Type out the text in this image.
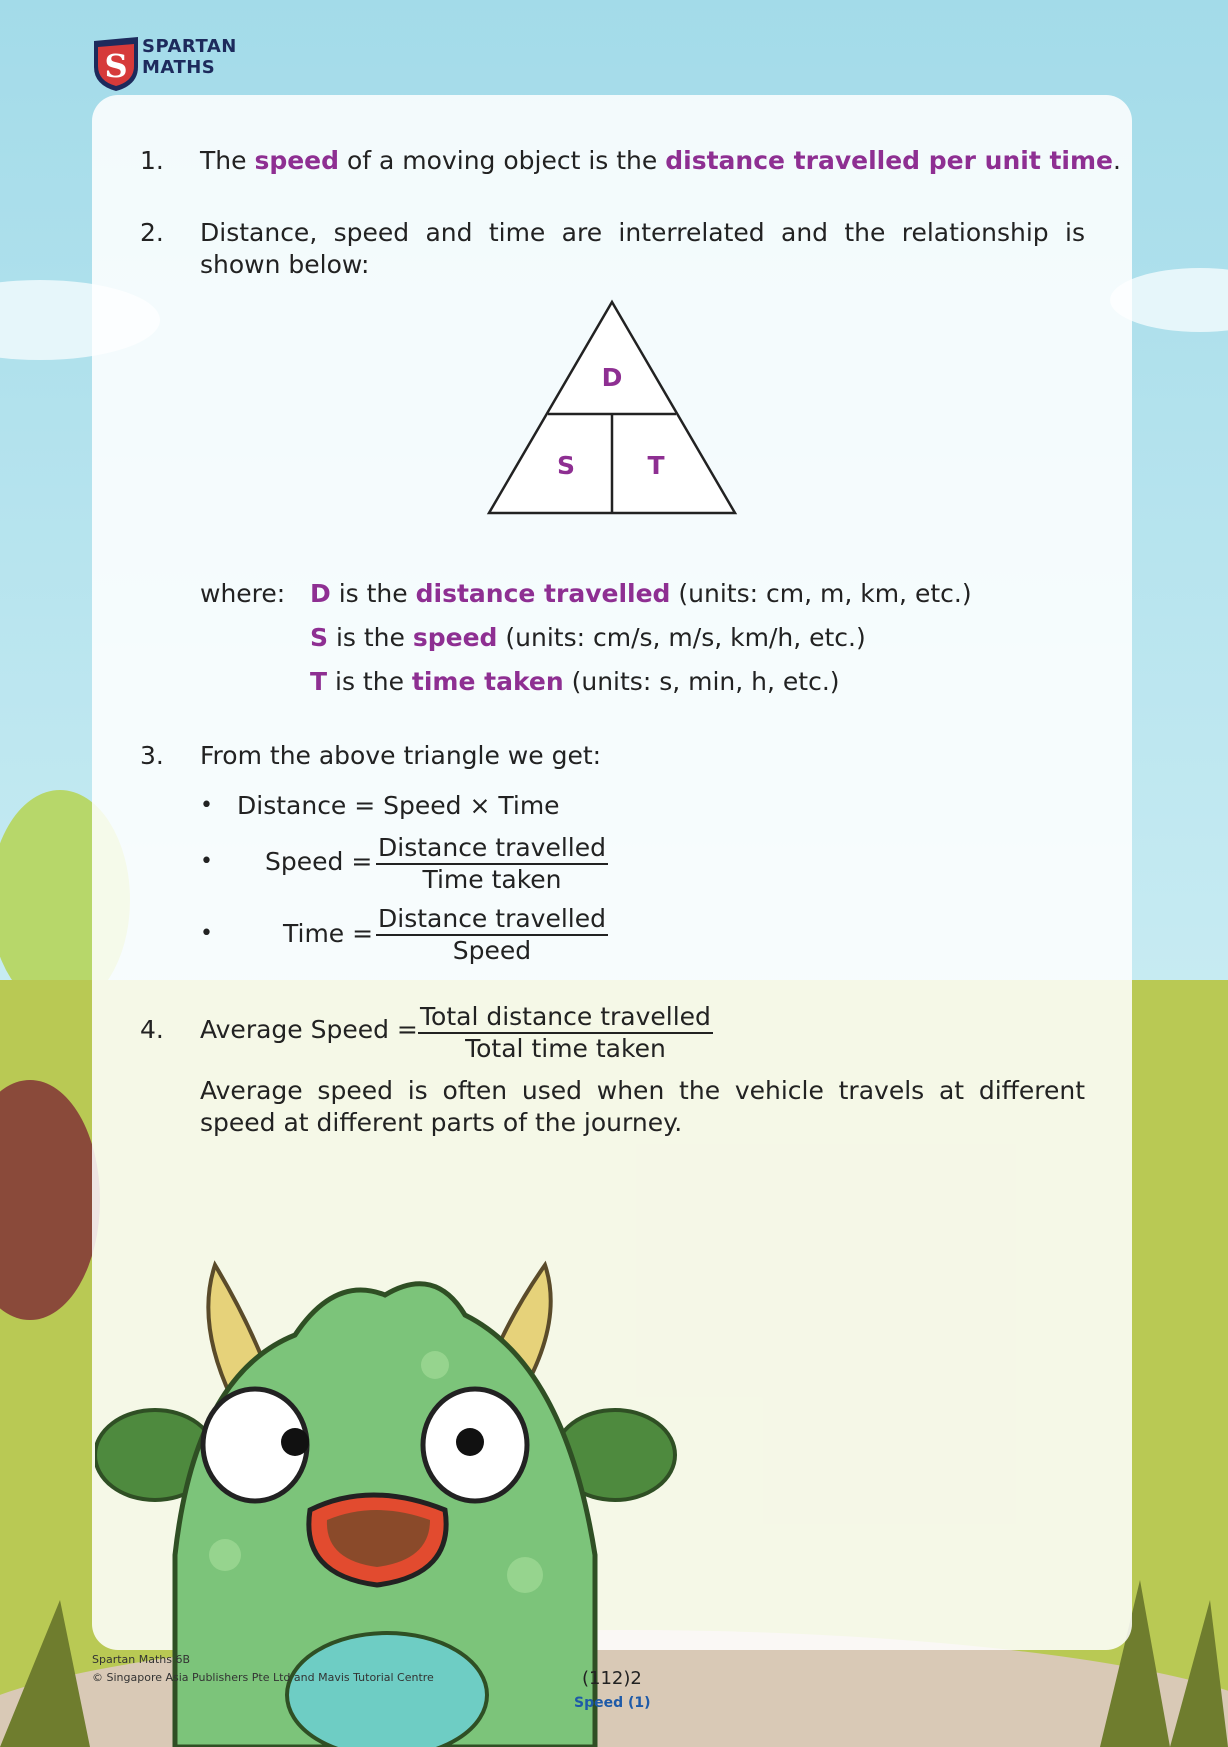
S
SPARTAN
MATHS
1. The speed of a moving object is the distance travelled per unit time.
2. Distance, speed and time are interrelated and the relationship is shown below:
D
S	T
where: D is the distance travelled (units: cm, m, km, etc.)
S is the speed (units: cm/s, m/s, km/h, etc.)
T is the time taken (units: s, min, h, etc.)
3. From the above triangle we get:
• Distance = Speed × Time
• Speed = Distance travelled
Time taken
•	Time =
Distance travelled
Speed
4. Average Speed = Total distance travelled
Total time taken
Average speed is often used when the vehicle travels at different speed at different parts of the journey.
Spartan Maths 6B
© Singapore Asia Publishers Pte Ltd and Mavis Tutorial Centre	(112)2
Speed (1)
